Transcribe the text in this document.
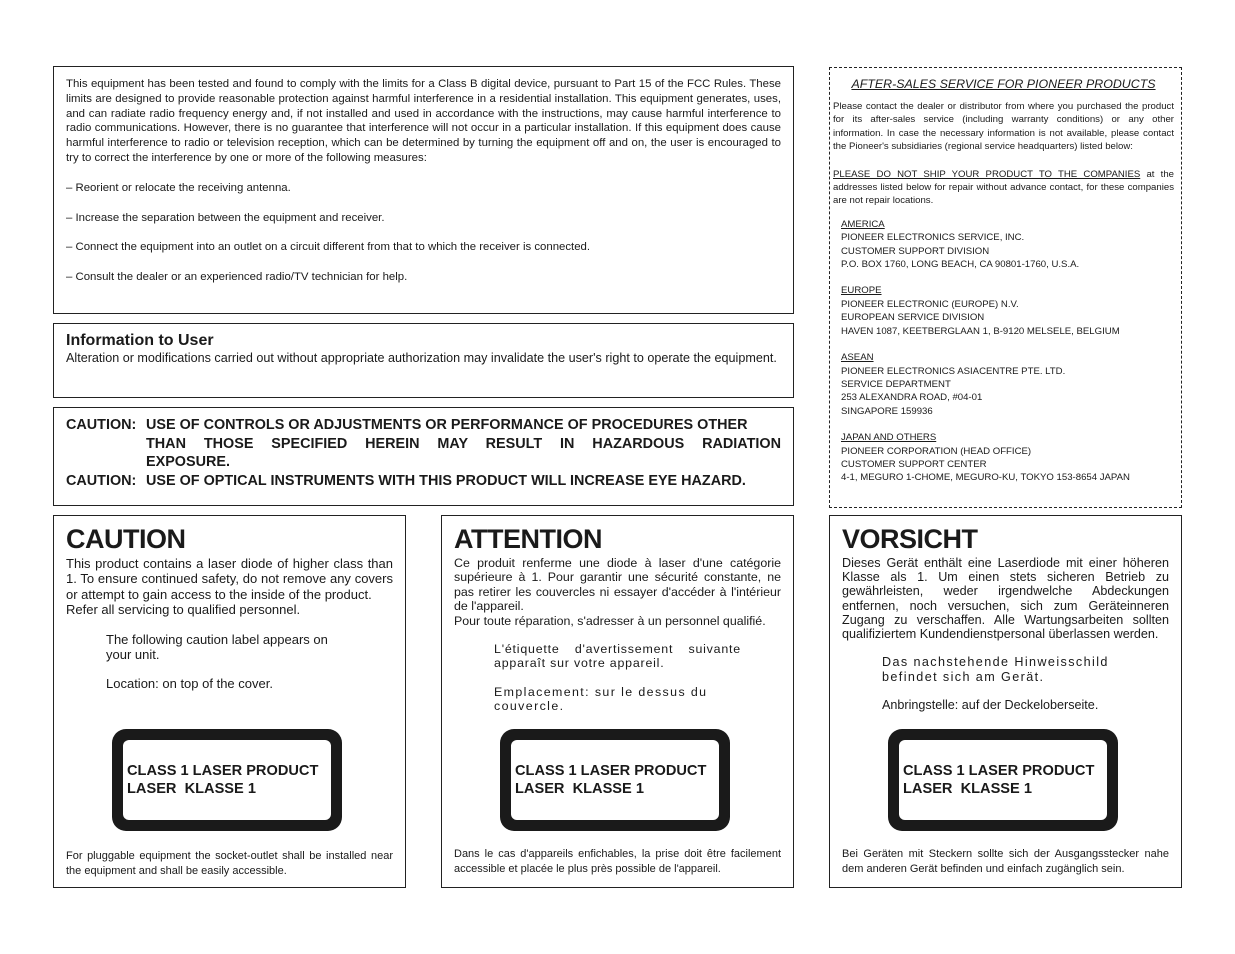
This equipment has been tested and found to comply with the limits for a Class B digital device, pursuant to Part 15 of the FCC Rules. These limits are designed to provide reasonable protection against harmful interference in a residential installation. This equipment generates, uses, and can radiate radio frequency energy and, if not installed and used in accordance with the instructions, may cause harmful interference to radio communications. However, there is no guarantee that interference will not occur in a particular installation. If this equipment does cause harmful interference to radio or television reception, which can be determined by turning the equipment off and on, the user is encouraged to try to correct the interference by one or more of the following measures:

– Reorient or relocate the receiving antenna.

– Increase the separation between the equipment and receiver.

– Connect the equipment into an outlet on a circuit different from that to which the receiver is connected.

– Consult the dealer or an experienced radio/TV technician for help.

Information to User

Alteration or modifications carried out without appropriate authorization may invalidate the user's right to operate the equipment.

CAUTION: USE OF CONTROLS OR ADJUSTMENTS OR PERFORMANCE OF PROCEDURES OTHER
THAN THOSE SPECIFIED HEREIN MAY RESULT IN HAZARDOUS RADIATION
EXPOSURE.
CAUTION: USE OF OPTICAL INSTRUMENTS WITH THIS PRODUCT WILL INCREASE EYE HAZARD.
AFTER-SALES SERVICE FOR PIONEER PRODUCTS

Please contact the dealer or distributor from where you purchased the product for its after-sales service (including warranty conditions) or any other information. In case the necessary information is not available, please contact the Pioneer's subsidiaries (regional service headquarters) listed below:

PLEASE DO NOT SHIP YOUR PRODUCT TO THE COMPANIES at the addresses listed below for repair without advance contact, for these companies are not repair locations.

AMERICA
PIONEER ELECTRONICS SERVICE, INC.
CUSTOMER SUPPORT DIVISION
P.O. BOX 1760, LONG BEACH, CA 90801-1760, U.S.A.
EUROPE
PIONEER ELECTRONIC (EUROPE) N.V.
EUROPEAN SERVICE DIVISION
HAVEN 1087, KEETBERGLAAN 1, B-9120 MELSELE, BELGIUM
ASEAN
PIONEER ELECTRONICS ASIACENTRE PTE. LTD.
SERVICE DEPARTMENT
253 ALEXANDRA ROAD, #04-01
SINGAPORE 159936
JAPAN AND OTHERS
PIONEER CORPORATION (HEAD OFFICE)
CUSTOMER SUPPORT CENTER
4-1, MEGURO 1-CHOME, MEGURO-KU, TOKYO 153-8654 JAPAN
CAUTION

This product contains a laser diode of higher class than 1. To ensure continued safety, do not remove any covers or attempt to gain access to the inside of the product.

Refer all servicing to qualified personnel.

The following caution label appears on your unit.

Location: on top of the cover.

CLASS 1 LASER PRODUCT
LASER  KLASSE 1

For pluggable equipment the socket-outlet shall be installed near the equipment and shall be easily accessible.

ATTENTION

Ce produit renferme une diode à laser d'une catégorie supérieure à 1. Pour garantir une sécurité constante, ne pas retirer les couvercles ni essayer d'accéder à l'intérieur de l'appareil.

Pour toute réparation, s'adresser à un personnel qualifié.

L'étiquette d'avertissement suivante apparaît sur votre appareil.

Emplacement: sur le dessus du couvercle.

CLASS 1 LASER PRODUCT
LASER  KLASSE 1

Dans le cas d'appareils enfichables, la prise doit être facilement accessible et placée le plus près possible de l'appareil.

VORSICHT

Dieses Gerät enthält eine Laserdiode mit einer höheren Klasse als 1. Um einen stets sicheren Betrieb zu gewährleisten, weder irgendwelche Abdeckungen entfernen, noch versuchen, sich zum Geräteinneren Zugang zu verschaffen. Alle Wartungsarbeiten sollten qualifiziertem Kundendienstpersonal überlassen werden.

Das nachstehende Hinweisschild befindet sich am Gerät.

Anbringstelle: auf der Deckeloberseite.

CLASS 1 LASER PRODUCT
LASER  KLASSE 1

Bei Geräten mit Steckern sollte sich der Ausgangsstecker nahe dem anderen Gerät befinden und einfach zugänglich sein.
